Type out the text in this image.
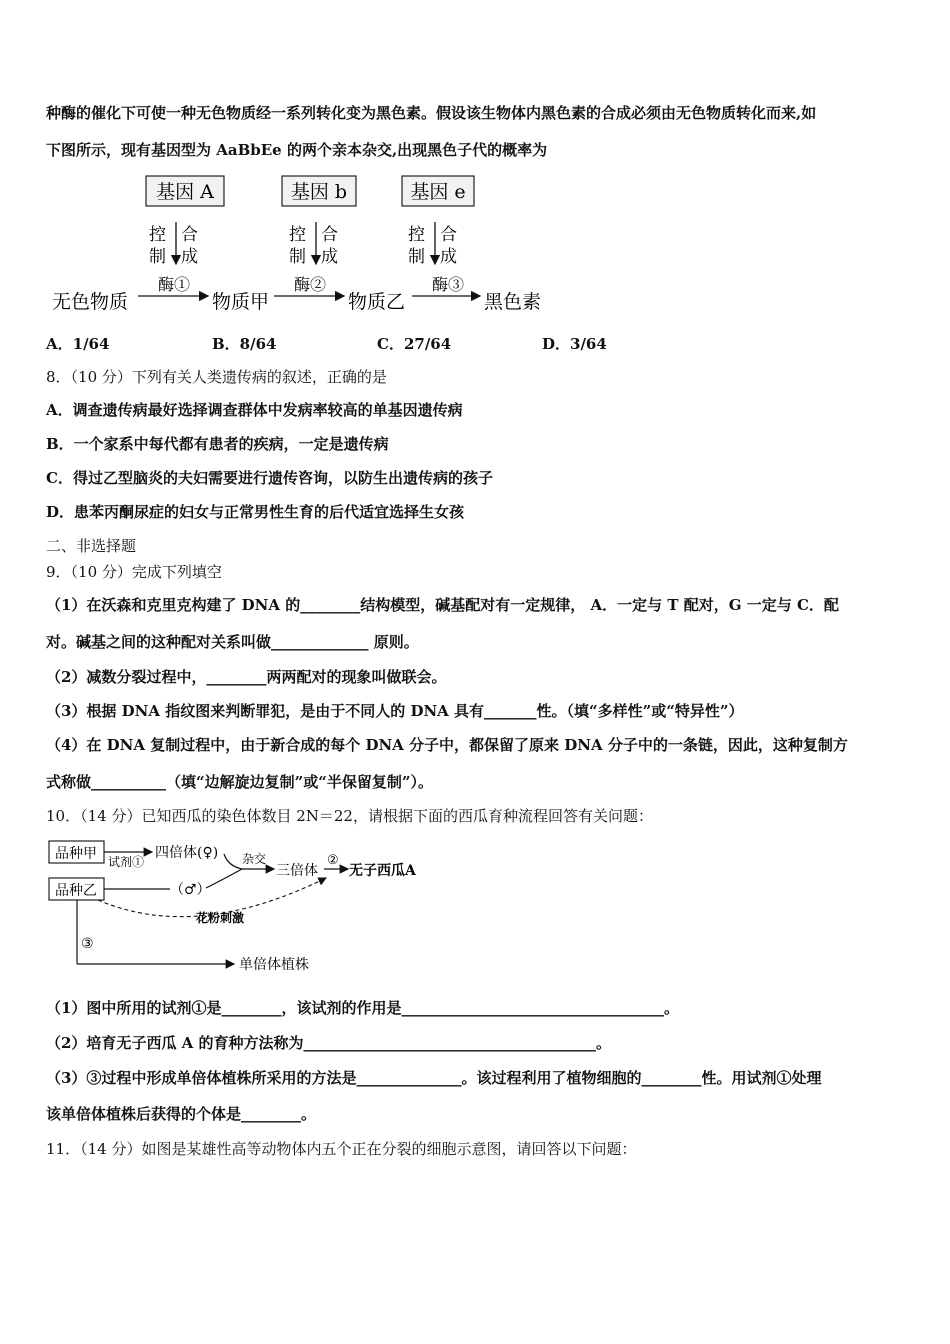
种酶的催化下可使一种无色物质经一系列转化变为黑色素。假设该生物体内黑色素的合成必须由无色物质转化而来,如
下图所示，现有基因型为 AaBbEe 的两个亲本杂交,出现黑色子代的概率为
基因 A	基因 b	基因 e
控
制
合
成
控
制
合
成
控
制
合
成
无色物质
酶①
物质甲
酶②
物质乙
酶③
黑色素
A．1/64	B．8/64	C．27/64	D．3/64
8．（10 分）下列有关人类遗传病的叙述，正确的是
A．调查遗传病最好选择调查群体中发病率较高的单基因遗传病
B．一个家系中每代都有患者的疾病，一定是遗传病
C．得过乙型脑炎的夫妇需要进行遗传咨询，以防生出遗传病的孩子
D．患苯丙酮尿症的妇女与正常男性生育的后代适宜选择生女孩
二、非选择题
9．（10 分）完成下列填空
（1）在沃森和克里克构建了 DNA 的________结构模型，碱基配对有一定规律， A．一定与 T 配对，G 一定与 C．配
对。碱基之间的这种配对关系叫做_____________ 原则。
（2）减数分裂过程中，________两两配对的现象叫做联会。
（3）根据 DNA 指纹图来判断罪犯，是由于不同人的 DNA 具有_______性。（填“多样性”或“特异性”）
（4）在 DNA 复制过程中，由于新合成的每个 DNA 分子中，都保留了原来 DNA 分子中的一条链，因此，这种复制方
式称做__________（填“边解旋边复制”或“半保留复制”）。
10．（14 分）已知西瓜的染色体数目 2N＝22，请根据下面的西瓜育种流程回答有关问题：
品种甲
品种乙
试剂①
四倍体(♀)
（♂）
杂交
三倍体
②
无子西瓜A
花粉刺激
③
单倍体植株
（1）图中所用的试剂①是________，该试剂的作用是___________________________________。
（2）培育无子西瓜 A 的育种方法称为_______________________________________。
（3）③过程中形成单倍体植株所采用的方法是______________。该过程利用了植物细胞的________性。用试剂①处理
该单倍体植株后获得的个体是________。
11．（14 分）如图是某雄性高等动物体内五个正在分裂的细胞示意图，请回答以下问题：
